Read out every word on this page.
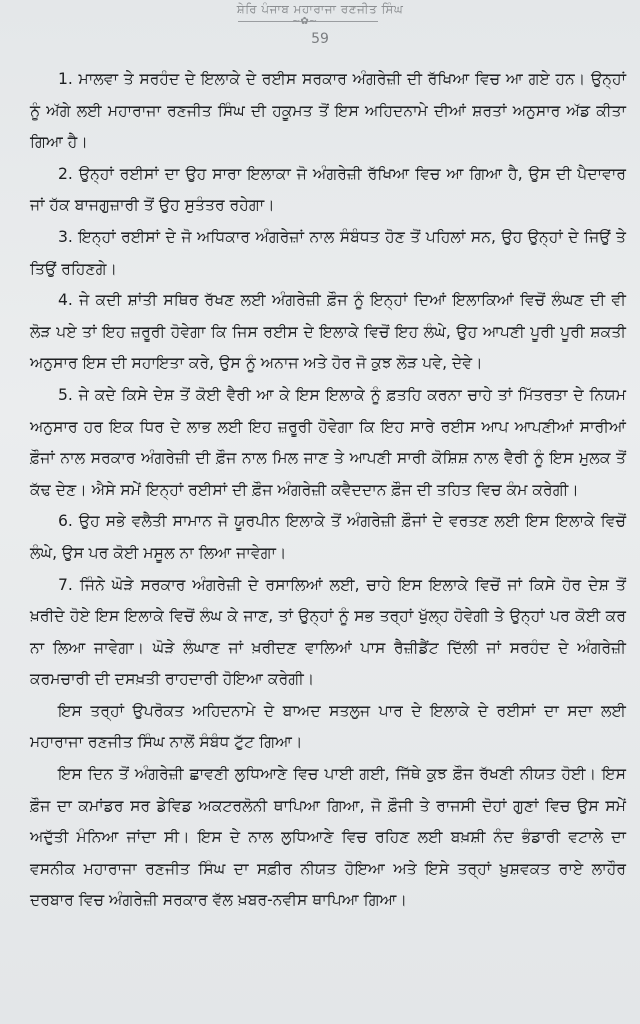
ਸ਼ੇਰਿ ਪੰਜਾਬ ਮਹਾਰਾਜਾ ਰਣਜੀਤ ਸਿੰਘ
~✿~
59

1. ਮਾਲਵਾ ਤੇ ਸਰਹੰਦ ਦੇ ਇਲਾਕੇ ਦੇ ਰਈਸ ਸਰਕਾਰ ਅੰਗਰੇਜ਼ੀ ਦੀ ਰੱਖਿਆ ਵਿਚ ਆ ਗਏ ਹਨ। ਉਨ੍ਹਾਂ ਨੂੰ ਅੱਗੇ ਲਈ ਮਹਾਰਾਜਾ ਰਣਜੀਤ ਸਿੰਘ ਦੀ ਹਕੂਮਤ ਤੋਂ ਇਸ ਅਹਿਦਨਾਮੇ ਦੀਆਂ ਸ਼ਰਤਾਂ ਅਨੁਸਾਰ ਅੱਡ ਕੀਤਾ ਗਿਆ ਹੈ।

2. ਉਨ੍ਹਾਂ ਰਈਸਾਂ ਦਾ ਉਹ ਸਾਰਾ ਇਲਾਕਾ ਜੋ ਅੰਗਰੇਜ਼ੀ ਰੱਖਿਆ ਵਿਚ ਆ ਗਿਆ ਹੈ, ਉਸ ਦੀ ਪੈਦਾਵਾਰ ਜਾਂ ਹੱਕ ਬਾਜਗੁਜ਼ਾਰੀ ਤੋਂ ਉਹ ਸੁਤੰਤਰ ਰਹੇਗਾ।

3. ਇਨ੍ਹਾਂ ਰਈਸਾਂ ਦੇ ਜੋ ਅਧਿਕਾਰ ਅੰਗਰੇਜ਼ਾਂ ਨਾਲ ਸੰਬੰਧਤ ਹੋਣ ਤੋਂ ਪਹਿਲਾਂ ਸਨ, ਉਹ ਉਨ੍ਹਾਂ ਦੇ ਜਿਉਂ ਤੇ ਤਿਉਂ ਰਹਿਣਗੇ।

4. ਜੇ ਕਦੀ ਸ਼ਾਂਤੀ ਸਥਿਰ ਰੱਖਣ ਲਈ ਅੰਗਰੇਜ਼ੀ ਫ਼ੌਜ ਨੂੰ ਇਨ੍ਹਾਂ ਦਿਆਂ ਇਲਾਕਿਆਂ ਵਿਚੋਂ ਲੰਘਣ ਦੀ ਵੀ ਲੋੜ ਪਏ ਤਾਂ ਇਹ ਜ਼ਰੂਰੀ ਹੋਵੇਗਾ ਕਿ ਜਿਸ ਰਈਸ ਦੇ ਇਲਾਕੇ ਵਿਚੋਂ ਇਹ ਲੰਘੇ, ਉਹ ਆਪਣੀ ਪੂਰੀ ਪੂਰੀ ਸ਼ਕਤੀ ਅਨੁਸਾਰ ਇਸ ਦੀ ਸਹਾਇਤਾ ਕਰੇ, ਉਸ ਨੂੰ ਅਨਾਜ ਅਤੇ ਹੋਰ ਜੋ ਕੁਝ ਲੋੜ ਪਵੇ, ਦੇਵੇ।

5. ਜੇ ਕਦੇ ਕਿਸੇ ਦੇਸ਼ ਤੋਂ ਕੋਈ ਵੈਰੀ ਆ ਕੇ ਇਸ ਇਲਾਕੇ ਨੂੰ ਫ਼ਤਹਿ ਕਰਨਾ ਚਾਹੇ ਤਾਂ ਮਿੱਤਰਤਾ ਦੇ ਨਿਯਮ ਅਨੁਸਾਰ ਹਰ ਇਕ ਧਿਰ ਦੇ ਲਾਭ ਲਈ ਇਹ ਜ਼ਰੂਰੀ ਹੋਵੇਗਾ ਕਿ ਇਹ ਸਾਰੇ ਰਈਸ ਆਪ ਆਪਣੀਆਂ ਸਾਰੀਆਂ ਫ਼ੌਜਾਂ ਨਾਲ ਸਰਕਾਰ ਅੰਗਰੇਜ਼ੀ ਦੀ ਫ਼ੌਜ ਨਾਲ ਮਿਲ ਜਾਣ ਤੇ ਆਪਣੀ ਸਾਰੀ ਕੋਸ਼ਿਸ਼ ਨਾਲ ਵੈਰੀ ਨੂੰ ਇਸ ਮੁਲਕ ਤੋਂ ਕੱਢ ਦੇਣ। ਐਸੇ ਸਮੇਂ ਇਨ੍ਹਾਂ ਰਈਸਾਂ ਦੀ ਫ਼ੌਜ ਅੰਗਰੇਜ਼ੀ ਕਵੈਦਦਾਨ ਫ਼ੌਜ ਦੀ ਤਹਿਤ ਵਿਚ ਕੰਮ ਕਰੇਗੀ।

6. ਉਹ ਸਭੇ ਵਲੈਤੀ ਸਾਮਾਨ ਜੋ ਯੂਰਪੀਨ ਇਲਾਕੇ ਤੋਂ ਅੰਗਰੇਜ਼ੀ ਫ਼ੌਜਾਂ ਦੇ ਵਰਤਣ ਲਈ ਇਸ ਇਲਾਕੇ ਵਿਚੋਂ ਲੰਘੇ, ਉਸ ਪਰ ਕੋਈ ਮਸੂਲ ਨਾ ਲਿਆ ਜਾਵੇਗਾ।

7. ਜਿੰਨੇ ਘੋੜੇ ਸਰਕਾਰ ਅੰਗਰੇਜ਼ੀ ਦੇ ਰਸਾਲਿਆਂ ਲਈ, ਚਾਹੇ ਇਸ ਇਲਾਕੇ ਵਿਚੋਂ ਜਾਂ ਕਿਸੇ ਹੋਰ ਦੇਸ਼ ਤੋਂ ਖ਼ਰੀਦੇ ਹੋਏ ਇਸ ਇਲਾਕੇ ਵਿਚੋਂ ਲੰਘ ਕੇ ਜਾਣ, ਤਾਂ ਉਨ੍ਹਾਂ ਨੂੰ ਸਭ ਤਰ੍ਹਾਂ ਖੁੱਲ੍ਹ ਹੋਵੇਗੀ ਤੇ ਉਨ੍ਹਾਂ ਪਰ ਕੋਈ ਕਰ ਨਾ ਲਿਆ ਜਾਵੇਗਾ। ਘੋੜੇ ਲੰਘਾਣ ਜਾਂ ਖ਼ਰੀਦਣ ਵਾਲਿਆਂ ਪਾਸ ਰੈਜ਼ੀਡੈਂਟ ਦਿੱਲੀ ਜਾਂ ਸਰਹੰਦ ਦੇ ਅੰਗਰੇਜ਼ੀ ਕਰਮਚਾਰੀ ਦੀ ਦਸਖ਼ਤੀ ਰਾਹਦਾਰੀ ਹੋਇਆ ਕਰੇਗੀ।

ਇਸ ਤਰ੍ਹਾਂ ਉਪਰੋਕਤ ਅਹਿਦਨਾਮੇ ਦੇ ਬਾਅਦ ਸਤਲੁਜ ਪਾਰ ਦੇ ਇਲਾਕੇ ਦੇ ਰਈਸਾਂ ਦਾ ਸਦਾ ਲਈ ਮਹਾਰਾਜਾ ਰਣਜੀਤ ਸਿੰਘ ਨਾਲੋਂ ਸੰਬੰਧ ਟੁੱਟ ਗਿਆ।

ਇਸ ਦਿਨ ਤੋਂ ਅੰਗਰੇਜ਼ੀ ਛਾਵਣੀ ਲੁਧਿਆਣੇ ਵਿਚ ਪਾਈ ਗਈ, ਜਿੱਥੇ ਕੁਝ ਫ਼ੌਜ ਰੱਖਣੀ ਨੀਯਤ ਹੋਈ। ਇਸ ਫ਼ੌਜ ਦਾ ਕਮਾਂਡਰ ਸਰ ਡੇਵਿਡ ਅਕਟਰਲੋਨੀ ਥਾਪਿਆ ਗਿਆ, ਜੋ ਫ਼ੌਜੀ ਤੇ ਰਾਜਸੀ ਦੋਹਾਂ ਗੁਣਾਂ ਵਿਚ ਉਸ ਸਮੇਂ ਅਦੁੱਤੀ ਮੰਨਿਆ ਜਾਂਦਾ ਸੀ। ਇਸ ਦੇ ਨਾਲ ਲੁਧਿਆਣੇ ਵਿਚ ਰਹਿਣ ਲਈ ਬਖ਼ਸ਼ੀ ਨੰਦ ਭੰਡਾਰੀ ਵਟਾਲੇ ਦਾ ਵਸਨੀਕ ਮਹਾਰਾਜਾ ਰਣਜੀਤ ਸਿੰਘ ਦਾ ਸਫ਼ੀਰ ਨੀਯਤ ਹੋਇਆ ਅਤੇ ਇਸੇ ਤਰ੍ਹਾਂ ਖ਼ੁਸ਼ਵਕਤ ਰਾਏ ਲਾਹੌਰ ਦਰਬਾਰ ਵਿਚ ਅੰਗਰੇਜ਼ੀ ਸਰਕਾਰ ਵੱਲ ਖ਼ਬਰ-ਨਵੀਸ ਥਾਪਿਆ ਗਿਆ।
